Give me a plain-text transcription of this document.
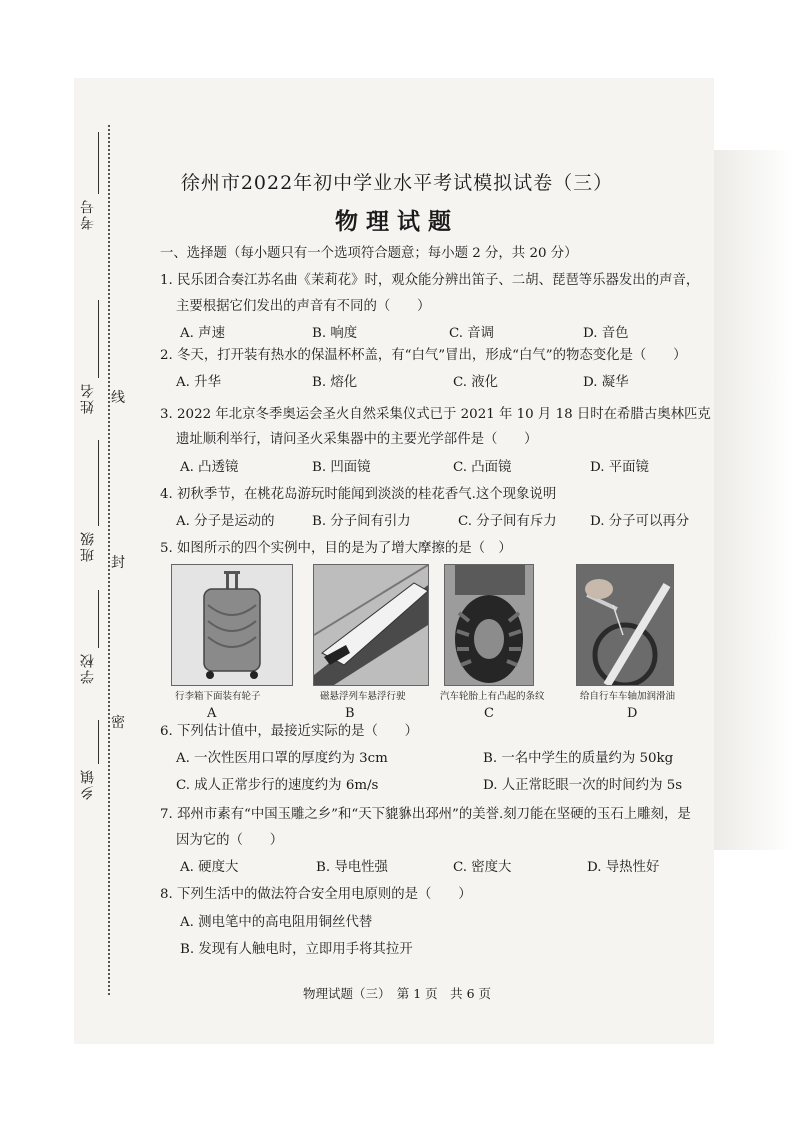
考号
姓名
班级
学校
乡镇
线
封
密
徐州市2022年初中学业水平考试模拟试卷（三）
物理试题
一、选择题（每小题只有一个选项符合题意；每小题 2 分，共 20 分）
1. 民乐团合奏江苏名曲《茉莉花》时，观众能分辨出笛子、二胡、琵琶等乐器发出的声音，
主要根据它们发出的声音有不同的（　　）
A. 声速	B. 响度	C. 音调	D. 音色
2. 冬天，打开装有热水的保温杯杯盖，有“白气”冒出，形成“白气”的物态变化是（　　）
A. 升华	B. 熔化	C. 液化	D. 凝华
3. 2022 年北京冬季奥运会圣火自然采集仪式已于 2021 年 10 月 18 日时在希腊古奥林匹克
遗址顺利举行，请问圣火采集器中的主要光学部件是（　　）
A. 凸透镜	B. 凹面镜	C. 凸面镜	D. 平面镜
4. 初秋季节，在桃花岛游玩时能闻到淡淡的桂花香气.这个现象说明
A. 分子是运动的	B. 分子间有引力	C. 分子间有斥力 D. 分子可以再分
5. 如图所示的四个实例中，目的是为了增大摩擦的是（　）
行李箱下面装有轮子	磁悬浮列车悬浮行驶	汽车轮胎上有凸起的条纹	给自行车车轴加润滑油
A	B	C	D
6. 下列估计值中，最接近实际的是（　　）
A. 一次性医用口罩的厚度约为 3cm	B. 一名中学生的质量约为 50kg
C. 成人正常步行的速度约为 6m/s	D. 人正常眨眼一次的时间约为 5s
7. 邳州市素有“中国玉雕之乡”和“天下貔貅出邳州”的美誉.刻刀能在坚硬的玉石上雕刻，是
因为它的（　　）
A. 硬度大	B. 导电性强	C. 密度大	D. 导热性好
8. 下列生活中的做法符合安全用电原则的是（　　）
A. 测电笔中的高电阻用铜丝代替
B. 发现有人触电时，立即用手将其拉开
物理试题（三）　第 1 页　共 6 页
